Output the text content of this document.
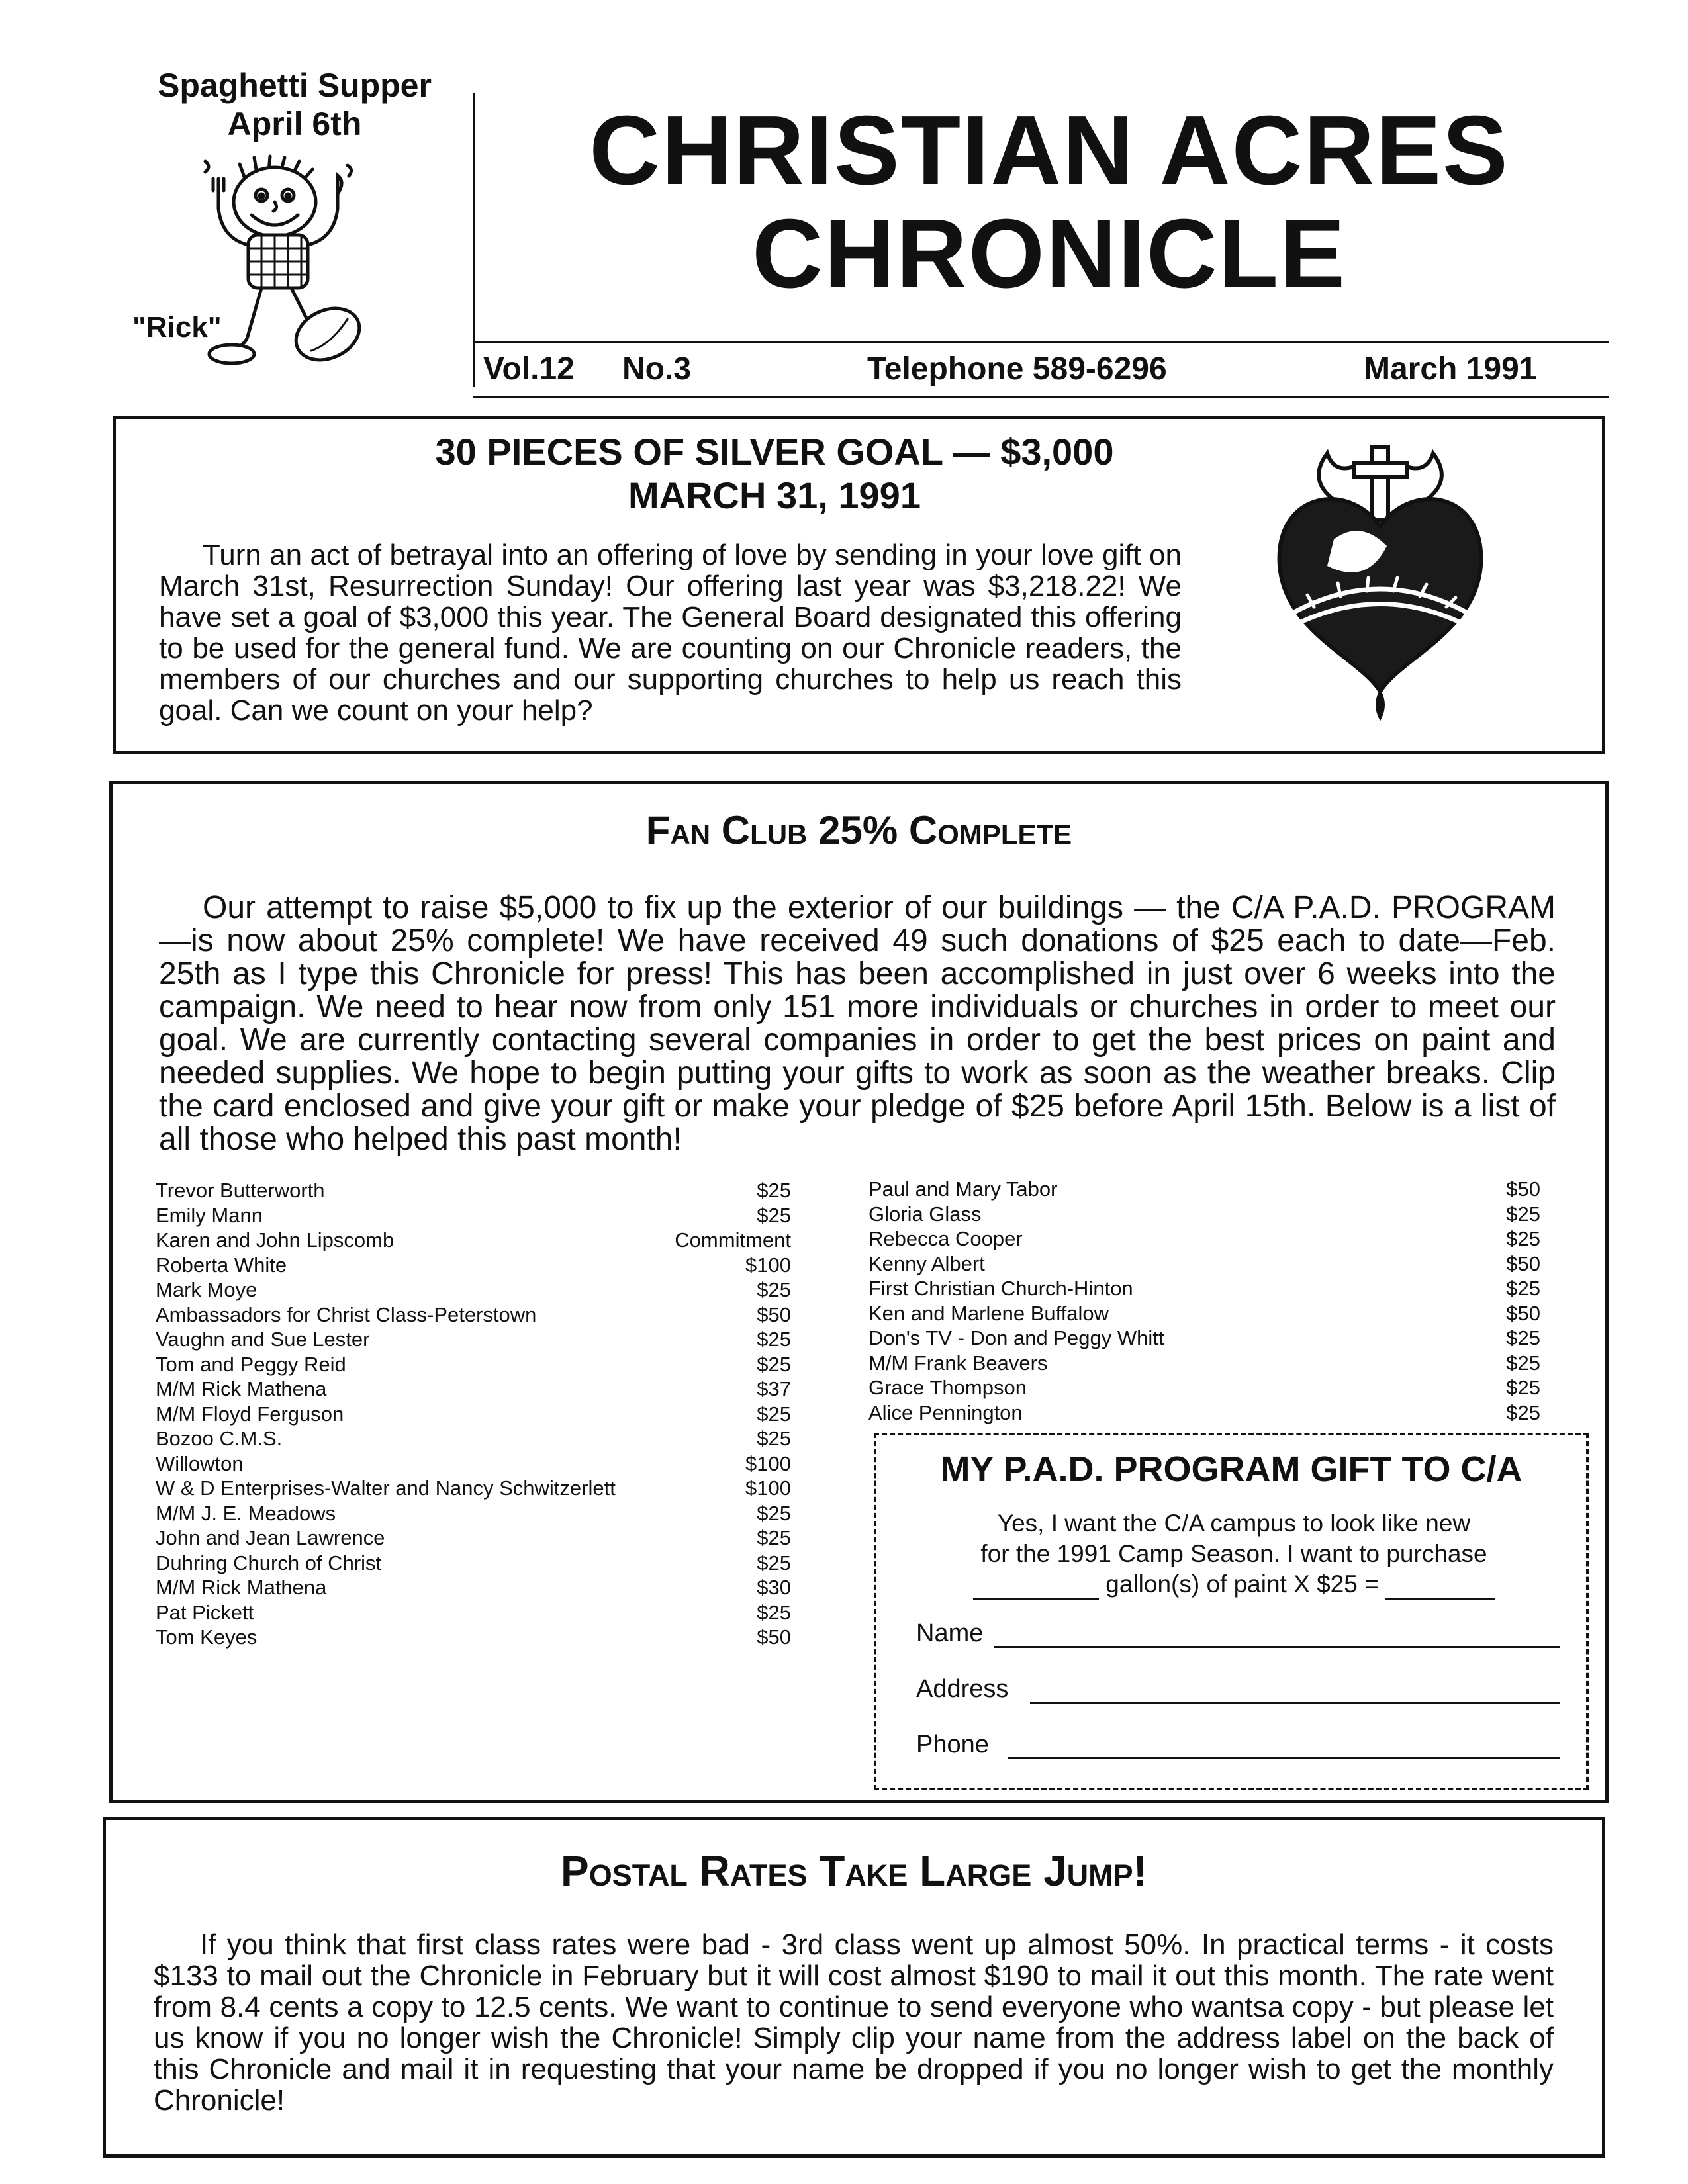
Spaghetti Supper
April 6th
"Rick"
CHRISTIAN ACRES
CHRONICLE
Vol.12 No.3	Telephone 589-6296	March 1991
30 PIECES OF SILVER GOAL — $3,000
MARCH 31, 1991
Turn an act of betrayal into an offering of love by sending in your love gift on March 31st, Resurrection Sunday! Our offering last year was $3,218.22! We have set a goal of $3,000 this year. The General Board designated this offering to be used for the general fund. We are counting on our Chronicle readers, the members of our churches and our supporting churches to help us reach this goal. Can we count on your help?
Fan Club 25% Complete
Our attempt to raise $5,000 to fix up the exterior of our buildings — the C/A P.A.D. PROGRAM—is now about 25% complete! We have received 49 such donations of $25 each to date—Feb. 25th as I type this Chronicle for press! This has been accomplished in just over 6 weeks into the campaign. We need to hear now from only 151 more individuals or churches in order to meet our goal. We are currently contacting several companies in order to get the best prices on paint and needed supplies. We hope to begin putting your gifts to work as soon as the weather breaks. Clip the card enclosed and give your gift or make your pledge of $25 before April 15th. Below is a list of all those who helped this past month!
Trevor Butterworth	$25
Emily Mann	$25
Karen and John Lipscomb	Commitment
Roberta White	$100
Mark Moye	$25
Ambassadors for Christ Class-Peterstown	$50
Vaughn and Sue Lester	$25
Tom and Peggy Reid	$25
M/M Rick Mathena	$37
M/M Floyd Ferguson	$25
Bozoo C.M.S.	$25
Willowton	$100
W & D Enterprises-Walter and Nancy Schwitzerlett	$100
M/M J. E. Meadows	$25
John and Jean Lawrence	$25
Duhring Church of Christ	$25
M/M Rick Mathena	$30
Pat Pickett	$25
Tom Keyes	$50
Paul and Mary Tabor	$50
Gloria Glass	$25
Rebecca Cooper	$25
Kenny Albert	$50
First Christian Church-Hinton	$25
Ken and Marlene Buffalow	$50
Don's TV - Don and Peggy Whitt	$25
M/M Frank Beavers	$25
Grace Thompson	$25
Alice Pennington	$25
MY P.A.D. PROGRAM GIFT TO C/A
Yes, I want the C/A campus to look like new
for the 1991 Camp Season. I want to purchase
gallon(s) of paint X $25 =
Name
Address
Phone
Postal Rates Take Large Jump!
If you think that first class rates were bad - 3rd class went up almost 50%. In practical terms - it costs $133 to mail out the Chronicle in February but it will cost almost $190 to mail it out this month. The rate went from 8.4 cents a copy to 12.5 cents. We want to continue to send everyone who wantsa copy - but please let us know if you no longer wish the Chronicle! Simply clip your name from the address label on the back of this Chronicle and mail it in requesting that your name be dropped if you no longer wish to get the monthly Chronicle!
